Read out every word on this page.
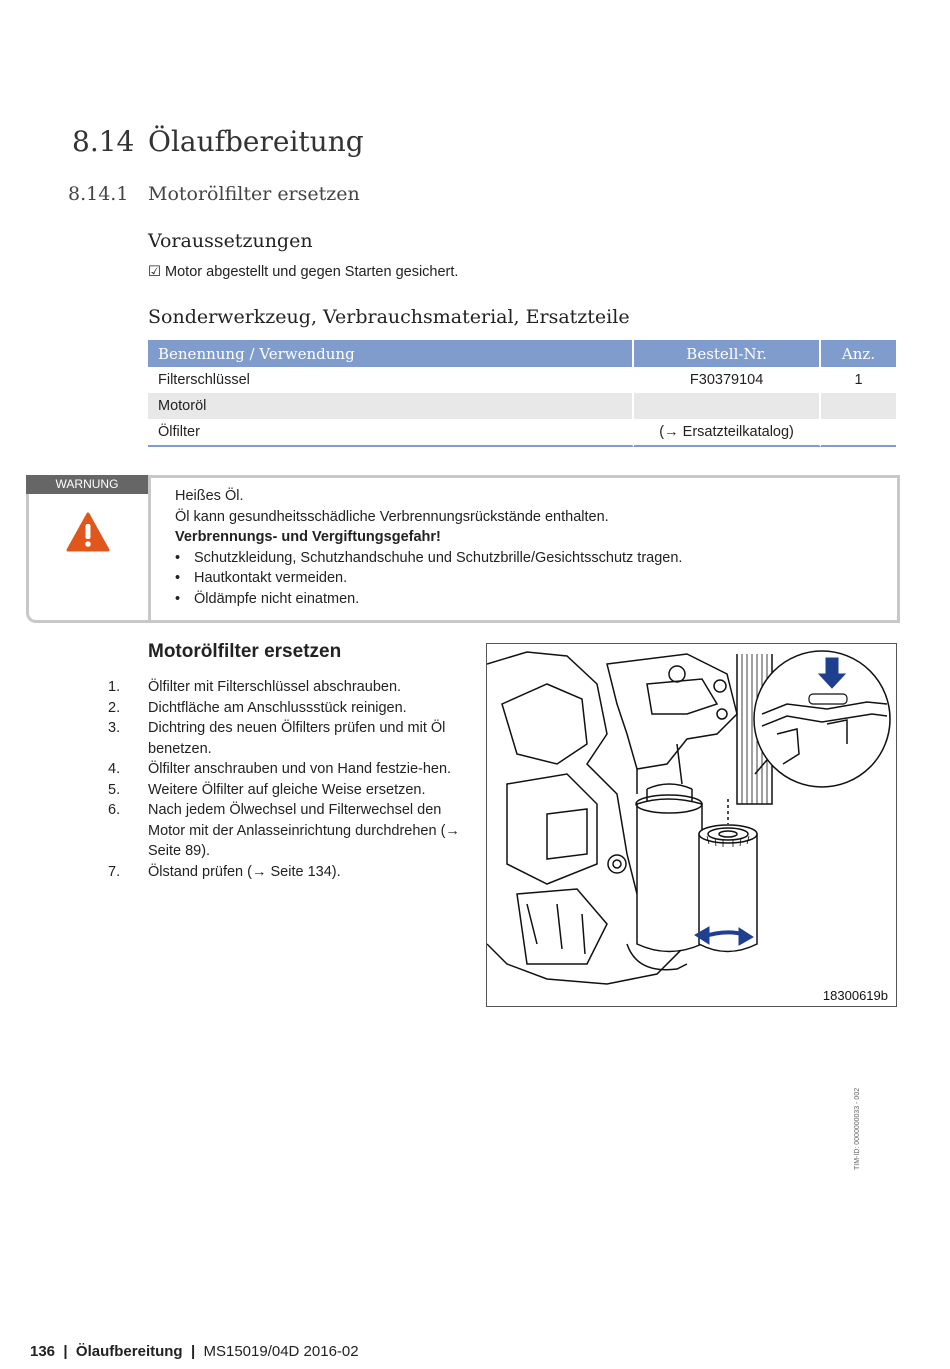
8.14 Ölaufbereitung
8.14.1 Motorölfilter ersetzen
Voraussetzungen
☑ Motor abgestellt und gegen Starten gesichert.
Sonderwerkzeug, Verbrauchsmaterial, Ersatzteile
Benennung / Verwendung	Bestell-Nr.	Anz.
Filterschlüssel	F30379104	1
Motoröl		
Ölfilter	(→ Ersatzteilkatalog)	
WARNUNG
Heißes Öl.
Öl kann gesundheitsschädliche Verbrennungsrückstände enthalten.
Verbrennungs- und Vergiftungsgefahr!
• Schutzkleidung, Schutzhandschuhe und Schutzbrille/Gesichtsschutz tragen.
• Hautkontakt vermeiden.
• Öldämpfe nicht einatmen.
Motorölfilter ersetzen
1.	Ölfilter mit Filterschlüssel abschrauben.
2.	Dichtfläche am Anschlussstück reinigen.
3.	Dichtring des neuen Ölfilters prüfen und mit Öl benetzen.
4.	Ölfilter anschrauben und von Hand festzie-hen.
5.	Weitere Ölfilter auf gleiche Weise ersetzen.
6.	Nach jedem Ölwechsel und Filterwechsel den Motor mit der Anlasseinrichtung durchdrehen (→ Seite 89).
7.	Ölstand prüfen (→ Seite 134).
18300619b
TIM-ID: 0000000033 - 002
136 | Ölaufbereitung | MS15019/04D 2016-02
